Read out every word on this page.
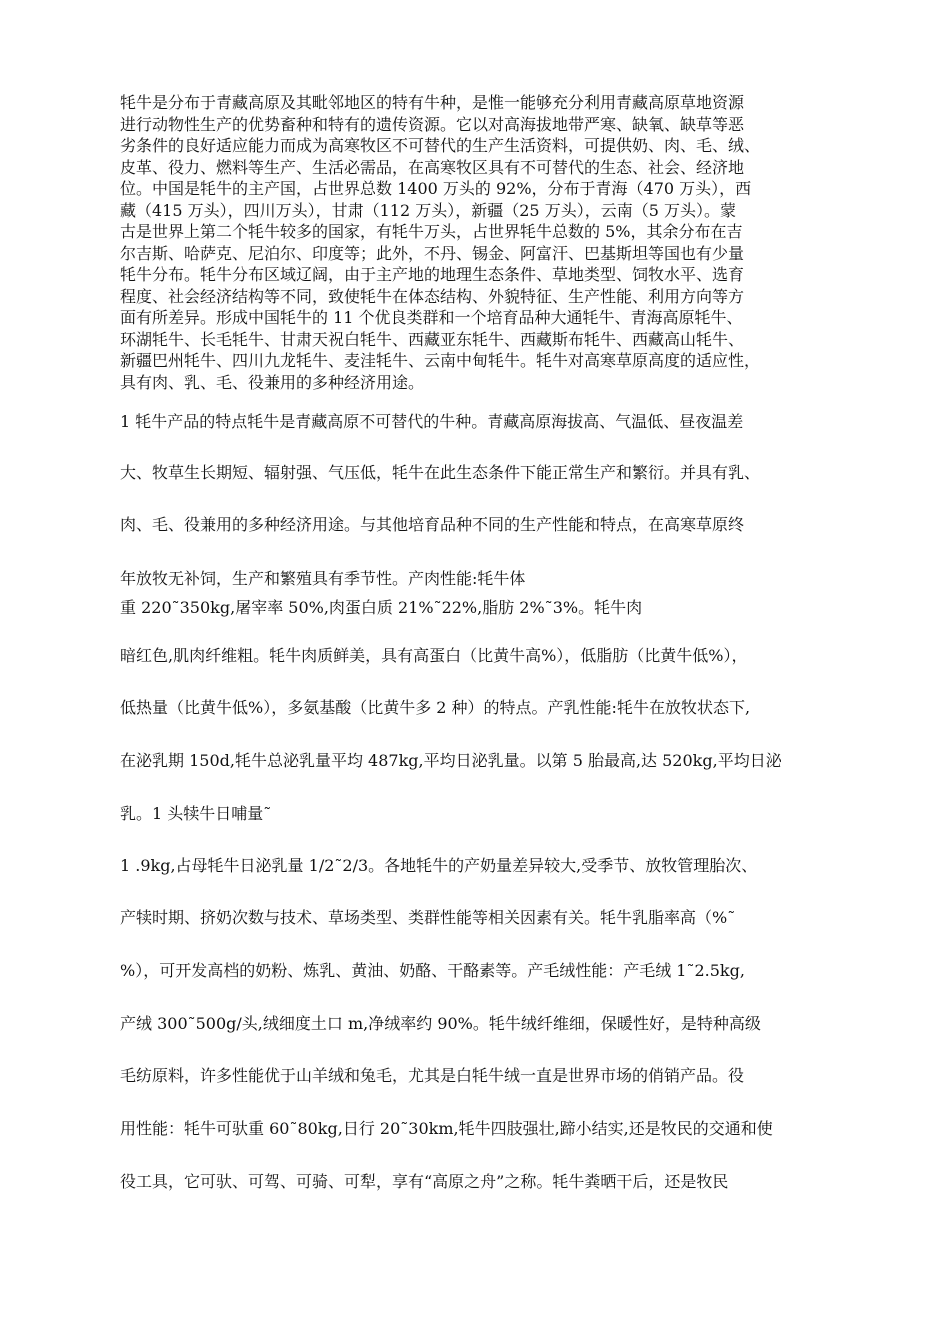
牦牛是分布于青藏高原及其毗邻地区的特有牛种，是惟一能够充分利用青藏高原草地资源
进行动物性生产的优势畜种和特有的遗传资源。它以对高海拔地带严寒、缺氧、缺草等恶
劣条件的良好适应能力而成为高寒牧区不可替代的生产生活资料，可提供奶、肉、毛、绒、
皮革、役力、燃料等生产、生活必需品，在高寒牧区具有不可替代的生态、社会、经济地
位。中国是牦牛的主产国，占世界总数 1400 万头的 92%，分布于青海（470 万头），西
藏（415 万头），四川万头），甘肃（112 万头），新疆（25 万头），云南（5 万头）。蒙
古是世界上第二个牦牛较多的国家，有牦牛万头，占世界牦牛总数的 5%，其余分布在吉
尔吉斯、哈萨克、尼泊尔、印度等；此外，不丹、锡金、阿富汗、巴基斯坦等国也有少量
牦牛分布。牦牛分布区域辽阔，由于主产地的地理生态条件、草地类型、饲牧水平、选育
程度、社会经济结构等不同，致使牦牛在体态结构、外貌特征、生产性能、利用方向等方
面有所差异。形成中国牦牛的 11 个优良类群和一个培育品种大通牦牛、青海高原牦牛、
环湖牦牛、长毛牦牛、甘肃天祝白牦牛、西藏亚东牦牛、西藏斯布牦牛、西藏高山牦牛、
新疆巴州牦牛、四川九龙牦牛、麦洼牦牛、云南中甸牦牛。牦牛对高寒草原高度的适应性，
具有肉、乳、毛、役兼用的多种经济用途。
1 牦牛产品的特点牦牛是青藏高原不可替代的牛种。青藏高原海拔高、气温低、昼夜温差
大、牧草生长期短、辐射强、气压低，牦牛在此生态条件下能正常生产和繁衍。并具有乳、
肉、毛、役兼用的多种经济用途。与其他培育品种不同的生产性能和特点，在高寒草原终
年放牧无补饲，生产和繁殖具有季节性。产肉性能:牦牛体
重 220˜350kg,屠宰率 50%,肉蛋白质 21%˜22%,脂肪 2%˜3%。牦牛肉
暗红色,肌肉纤维粗。牦牛肉质鲜美，具有高蛋白（比黄牛高%），低脂肪（比黄牛低%），
低热量（比黄牛低%），多氨基酸（比黄牛多 2 种）的特点。产乳性能:牦牛在放牧状态下,
在泌乳期 150d,牦牛总泌乳量平均 487kg,平均日泌乳量。以第 5 胎最高,达 520kg,平均日泌
乳。1 头犊牛日哺量˜
1 .9kg,占母牦牛日泌乳量 1/2˜2/3。各地牦牛的产奶量差异较大,受季节、放牧管理胎次、
产犊时期、挤奶次数与技术、草场类型、类群性能等相关因素有关。牦牛乳脂率高（%˜
%），可开发高档的奶粉、炼乳、黄油、奶酪、干酪素等。产毛绒性能：产毛绒 1˜2.5kg,
产绒 300˜500g/头,绒细度土口 m,净绒率约 90%。牦牛绒纤维细，保暖性好，是特种高级
毛纺原料，许多性能优于山羊绒和兔毛，尤其是白牦牛绒一直是世界市场的俏销产品。役
用性能：牦牛可驮重 60˜80kg,日行 20˜30km,牦牛四肢强壮,蹄小结实,还是牧民的交通和使
役工具，它可驮、可驾、可骑、可犁，享有“高原之舟”之称。牦牛粪晒干后，还是牧民
